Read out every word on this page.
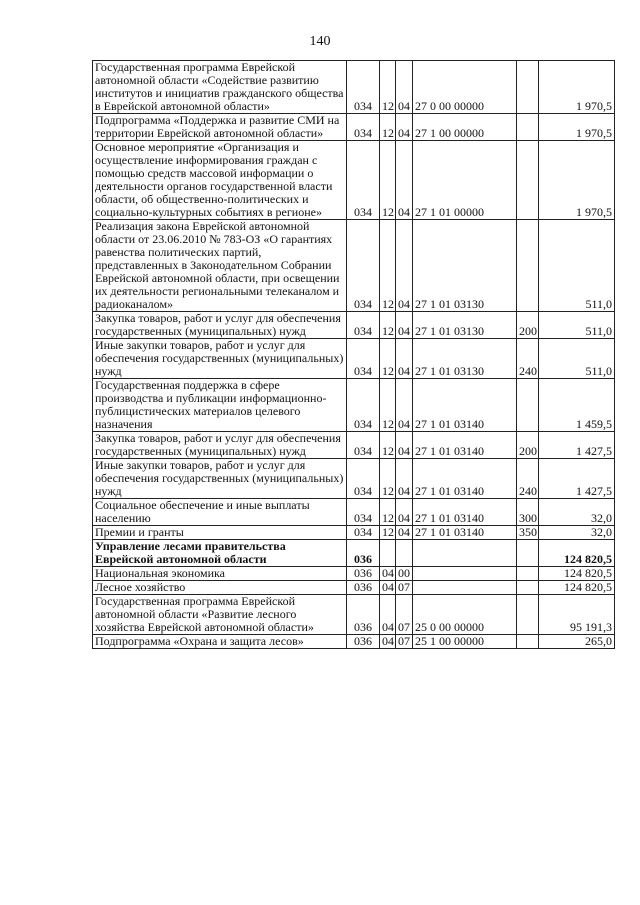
140
Государственная программа Еврейской автономной области «Содействие развитию институтов и инициатив гражданского общества в Еврейской автономной области»	034	12	04	27 0 00 00000		1 970,5
Подпрограмма «Поддержка и развитие СМИ на территории Еврейской автономной области»	034	12	04	27 1 00 00000		1 970,5
Основное мероприятие «Организация и осуществление информирования граждан с помощью средств массовой информации о деятельности органов государственной власти области, об общественно-политических и социально-культурных событиях в регионе»	034	12	04	27 1 01 00000		1 970,5
Реализация закона Еврейской автономной области от 23.06.2010 № 783-ОЗ «О гарантиях равенства политических партий, представленных в Законодательном Собрании Еврейской автономной области, при освещении их деятельности региональными телеканалом и радиоканалом»	034	12	04	27 1 01 03130		511,0
Закупка товаров, работ и услуг для обеспечения государственных (муниципальных) нужд	034	12	04	27 1 01 03130	200	511,0
Иные закупки товаров, работ и услуг для обеспечения государственных (муниципальных) нужд	034	12	04	27 1 01 03130	240	511,0
Государственная поддержка в сфере производства и публикации информационно-публицистических материалов целевого назначения	034	12	04	27 1 01 03140		1 459,5
Закупка товаров, работ и услуг для обеспечения государственных (муниципальных) нужд	034	12	04	27 1 01 03140	200	1 427,5
Иные закупки товаров, работ и услуг для обеспечения государственных (муниципальных) нужд	034	12	04	27 1 01 03140	240	1 427,5
Социальное обеспечение и иные выплаты населению	034	12	04	27 1 01 03140	300	32,0
Премии и гранты	034	12	04	27 1 01 03140	350	32,0
Управление лесами правительства Еврейской автономной области	036					124 820,5
Национальная экономика	036	04	00			124 820,5
Лесное хозяйство	036	04	07			124 820,5
Государственная программа Еврейской автономной области «Развитие лесного хозяйства Еврейской автономной области»	036	04	07	25 0 00 00000		95 191,3
Подпрограмма «Охрана и защита лесов»	036	04	07	25 1 00 00000		265,0
